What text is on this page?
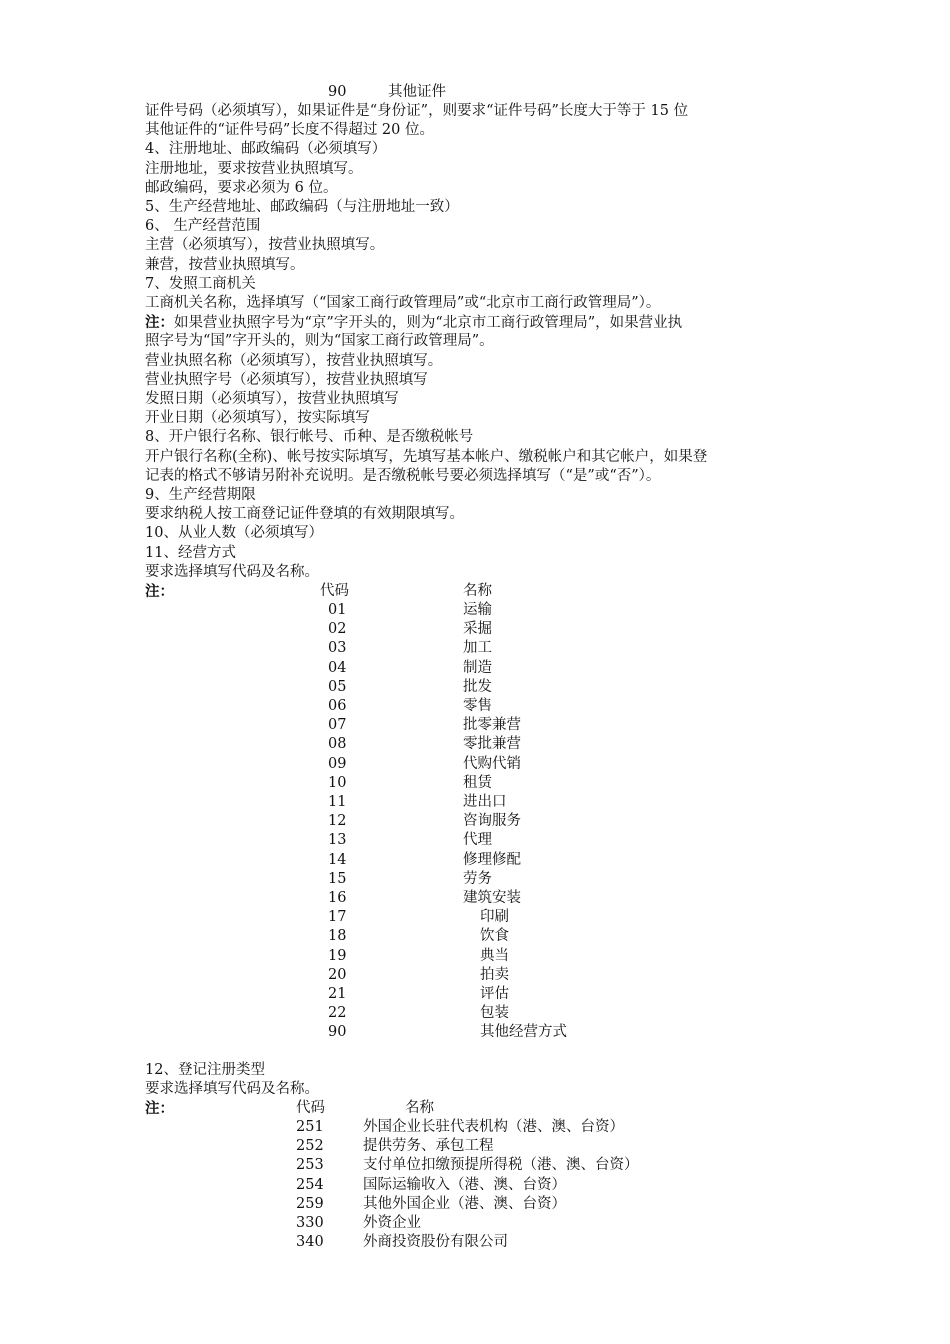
90	其他证件
证件号码（必须填写），如果证件是“身份证”，则要求“证件号码”长度大于等于 15 位
其他证件的“证件号码”长度不得超过 20 位。
4、注册地址、邮政编码（必须填写）
注册地址，要求按营业执照填写。
邮政编码，要求必须为 6 位。
5、生产经营地址、邮政编码（与注册地址一致）
6、 生产经营范围
主营（必须填写），按营业执照填写。
兼营，按营业执照填写。
7、发照工商机关
工商机关名称，选择填写（“国家工商行政管理局”或“北京市工商行政管理局”）。
注：如果营业执照字号为“京”字开头的，则为“北京市工商行政管理局”，如果营业执
照字号为“国”字开头的，则为“国家工商行政管理局”。
营业执照名称（必须填写），按营业执照填写。
营业执照字号（必须填写），按营业执照填写
发照日期（必须填写），按营业执照填写
开业日期（必须填写），按实际填写
8、开户银行名称、银行帐号、币种、是否缴税帐号
开户银行名称(全称)、帐号按实际填写，先填写基本帐户、缴税帐户和其它帐户，如果登
记表的格式不够请另附补充说明。是否缴税帐号要必须选择填写（“是”或“否”）。
9、生产经营期限
要求纳税人按工商登记证件登填的有效期限填写。
10、从业人数（必须填写）
11、经营方式
要求选择填写代码及名称。
注：	代码	名称
01	运输
02	采掘
03	加工
04	制造
05	批发
06	零售
07	批零兼营
08	零批兼营
09	代购代销
10	租赁
11	进出口
12	咨询服务
13	代理
14	修理修配
15	劳务
16	建筑安装
17	印刷
18	饮食
19	典当
20	拍卖
21	评估
22	包装
90	其他经营方式
12、登记注册类型
要求选择填写代码及名称。
注：	代码	名称
251	外国企业长驻代表机构（港、澳、台资）
252	提供劳务、承包工程
253	支付单位扣缴预提所得税（港、澳、台资）
254	国际运输收入（港、澳、台资）
259	其他外国企业（港、澳、台资）
330	外资企业
340	外商投资股份有限公司
